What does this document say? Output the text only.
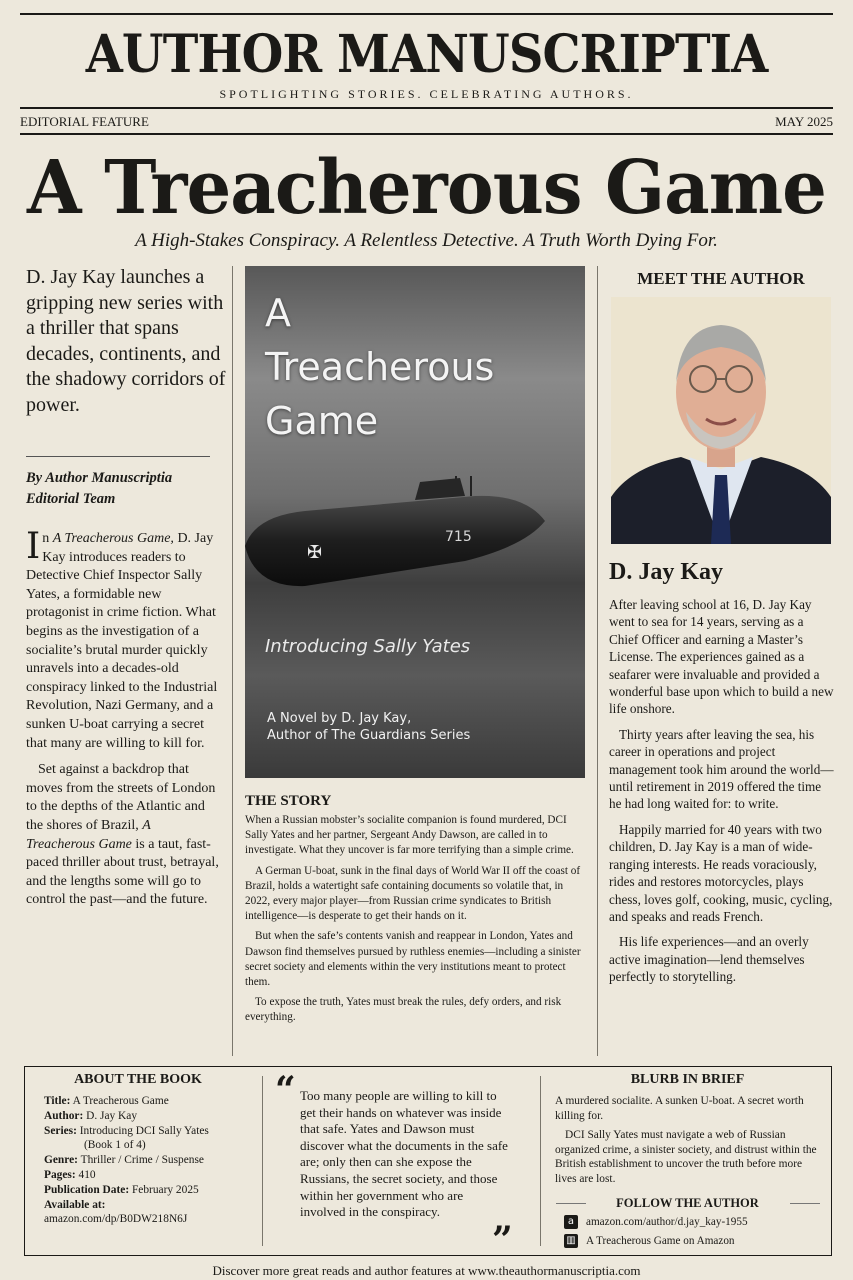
AUTHOR MANUSCRIPTIA
SPOTLIGHTING STORIES. CELEBRATING AUTHORS.
EDITORIAL FEATURE	MAY 2025
A Treacherous Game
A High-Stakes Conspiracy. A Relentless Detective. A Truth Worth Dying For.
D. Jay Kay launches a gripping new series with a thriller that spans decades, continents, and the shadowy corridors of power.
By Author Manuscriptia Editorial Team

In A Treacherous Game, D. Jay Kay introduces readers to Detective Chief Inspector Sally Yates, a formidable new protagonist in crime fiction. What begins as the investigation of a socialite’s brutal murder quickly unravels into a decades-old conspiracy linked to the Industrial Revolution, Nazi Germany, and a sunken U-boat carrying a secret that many are willing to kill for.

Set against a backdrop that moves from the streets of London to the depths of the Atlantic and the shores of Brazil, A Treacherous Game is a taut, fast-paced thriller about trust, betrayal, and the lengths some will go to control the past—and the future.

A
Treacherous
Game
✠
715
Introducing Sally Yates
A Novel by D. Jay Kay,
Author of The Guardians Series
THE STORY

When a Russian mobster’s socialite companion is found murdered, DCI Sally Yates and her partner, Sergeant Andy Dawson, are called in to investigate. What they uncover is far more terrifying than a simple crime.

A German U-boat, sunk in the final days of World War II off the coast of Brazil, holds a watertight safe containing documents so volatile that, in 2022, every major player—from Russian crime syndicates to British intelligence—is desperate to get their hands on it.

But when the safe’s contents vanish and reappear in London, Yates and Dawson find themselves pursued by ruthless enemies—including a sinister secret society and elements within the very institutions meant to protect them.

To expose the truth, Yates must break the rules, defy orders, and risk everything.

MEET THE AUTHOR
D. Jay Kay

After leaving school at 16, D. Jay Kay went to sea for 14 years, serving as a Chief Officer and earning a Master’s License. The experiences gained as a seafarer were invaluable and provided a wonderful base upon which to build a new life onshore.

Thirty years after leaving the sea, his career in operations and project management took him around the world—until retirement in 2019 offered the time he had long waited for: to write.

Happily married for 40 years with two children, D. Jay Kay is a man of wide-ranging interests. He reads voraciously, rides and restores motorcycles, plays chess, loves golf, cooking, music, cycling, and speaks and reads French.

His life experiences—and an overly active imagination—lend themselves perfectly to storytelling.

ABOUT THE BOOK
Title: A Treacherous Game
Author: D. Jay Kay
Series: Introducing DCI Sally Yates
(Book 1 of 4)
Genre: Thriller / Crime / Suspense
Pages: 410
Publication Date: February 2025
Available at:
amazon.com/dp/B0DW218N6J
“ Too many people are willing to kill to get their hands on whatever was inside that safe. Yates and Dawson must discover what the documents in the safe are; only then can she expose the Russians, the secret society, and those within her government who are involved in the conspiracy.
”
BLURB IN BRIEF

A murdered socialite. A sunken U-boat. A secret worth killing for.

DCI Sally Yates must navigate a web of Russian organized crime, a sinister society, and distrust within the British establishment to uncover the truth before more lives are lost.

FOLLOW THE AUTHOR
a	amazon.com/author/d.jay_kay-1955
▥ A Treacherous Game on Amazon
Discover more great reads and author features at www.theauthormanuscriptia.com
